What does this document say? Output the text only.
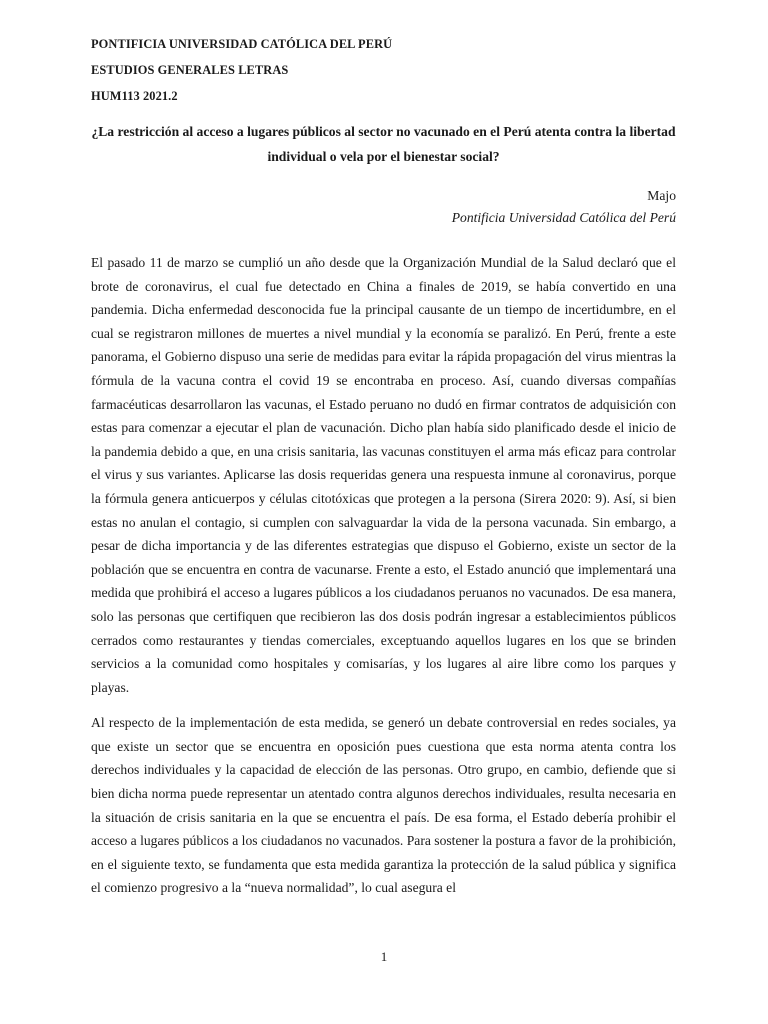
PONTIFICIA UNIVERSIDAD CATÓLICA DEL PERÚ
ESTUDIOS GENERALES LETRAS
HUM113 2021.2
¿La restricción al acceso a lugares públicos al sector no vacunado en el Perú atenta contra la libertad individual o vela por el bienestar social?
Majo
Pontificia Universidad Católica del Perú

El pasado 11 de marzo se cumplió un año desde que la Organización Mundial de la Salud declaró que el brote de coronavirus, el cual fue detectado en China a finales de 2019, se había convertido en una pandemia. Dicha enfermedad desconocida fue la principal causante de un tiempo de incertidumbre, en el cual se registraron millones de muertes a nivel mundial y la economía se paralizó. En Perú, frente a este panorama, el Gobierno dispuso una serie de medidas para evitar la rápida propagación del virus mientras la fórmula de la vacuna contra el covid 19 se encontraba en proceso. Así, cuando diversas compañías farmacéuticas desarrollaron las vacunas, el Estado peruano no dudó en firmar contratos de adquisición con estas para comenzar a ejecutar el plan de vacunación. Dicho plan había sido planificado desde el inicio de la pandemia debido a que, en una crisis sanitaria, las vacunas constituyen el arma más eficaz para controlar el virus y sus variantes. Aplicarse las dosis requeridas genera una respuesta inmune al coronavirus, porque la fórmula genera anticuerpos y células citotóxicas que protegen a la persona (Sirera 2020: 9). Así, si bien estas no anulan el contagio, si cumplen con salvaguardar la vida de la persona vacunada. Sin embargo, a pesar de dicha importancia y de las diferentes estrategias que dispuso el Gobierno, existe un sector de la población que se encuentra en contra de vacunarse. Frente a esto, el Estado anunció que implementará una medida que prohibirá el acceso a lugares públicos a los ciudadanos peruanos no vacunados. De esa manera, solo las personas que certifiquen que recibieron las dos dosis podrán ingresar a establecimientos públicos cerrados como restaurantes y tiendas comerciales, exceptuando aquellos lugares en los que se brinden servicios a la comunidad como hospitales y comisarías, y los lugares al aire libre como los parques y playas.

Al respecto de la implementación de esta medida, se generó un debate controversial en redes sociales, ya que existe un sector que se encuentra en oposición pues cuestiona que esta norma atenta contra los derechos individuales y la capacidad de elección de las personas. Otro grupo, en cambio, defiende que si bien dicha norma puede representar un atentado contra algunos derechos individuales, resulta necesaria en la situación de crisis sanitaria en la que se encuentra el país. De esa forma, el Estado debería prohibir el acceso a lugares públicos a los ciudadanos no vacunados. Para sostener la postura a favor de la prohibición, en el siguiente texto, se fundamenta que esta medida garantiza la protección de la salud pública y significa el comienzo progresivo a la “nueva normalidad”, lo cual asegura el

1
